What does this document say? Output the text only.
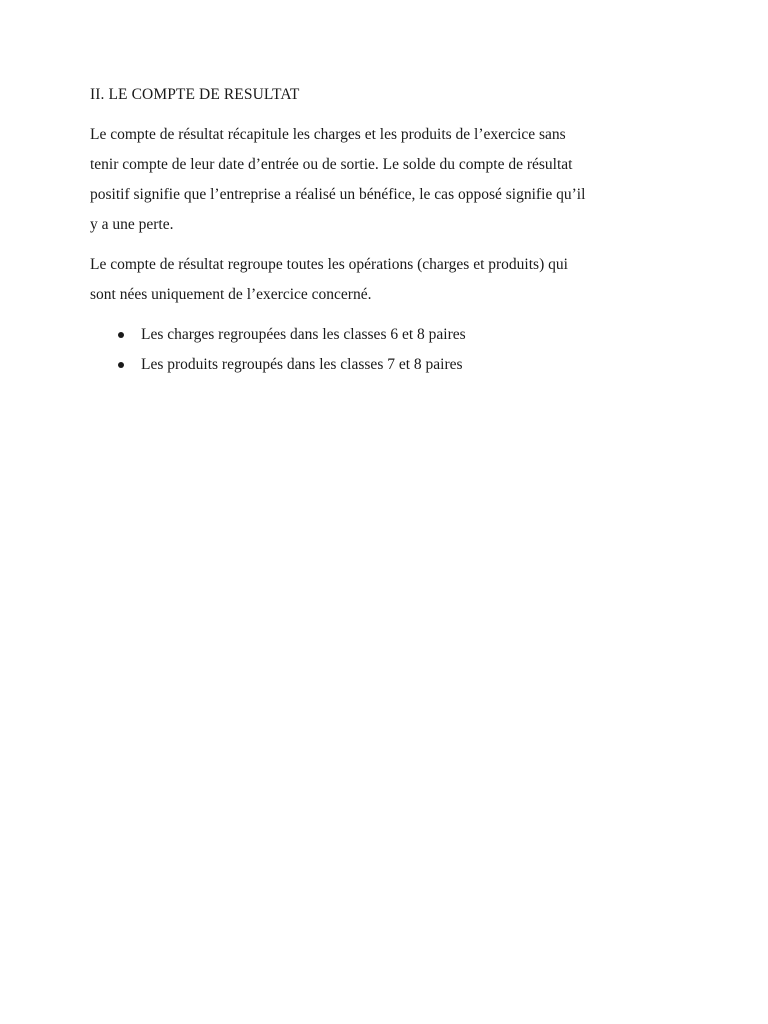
II. LE COMPTE DE RESULTAT

Le compte de résultat récapitule les charges et les produits de l’exercice sans
tenir compte de leur date d’entrée ou de sortie. Le solde du compte de résultat
positif signifie que l’entreprise a réalisé un bénéfice, le cas opposé signifie qu’il
y a une perte.

Le compte de résultat regroupe toutes les opérations (charges et produits) qui
sont nées uniquement de l’exercice concerné.

Les charges regroupées dans les classes 6 et 8 paires
Les produits regroupés dans les classes 7 et 8 paires
